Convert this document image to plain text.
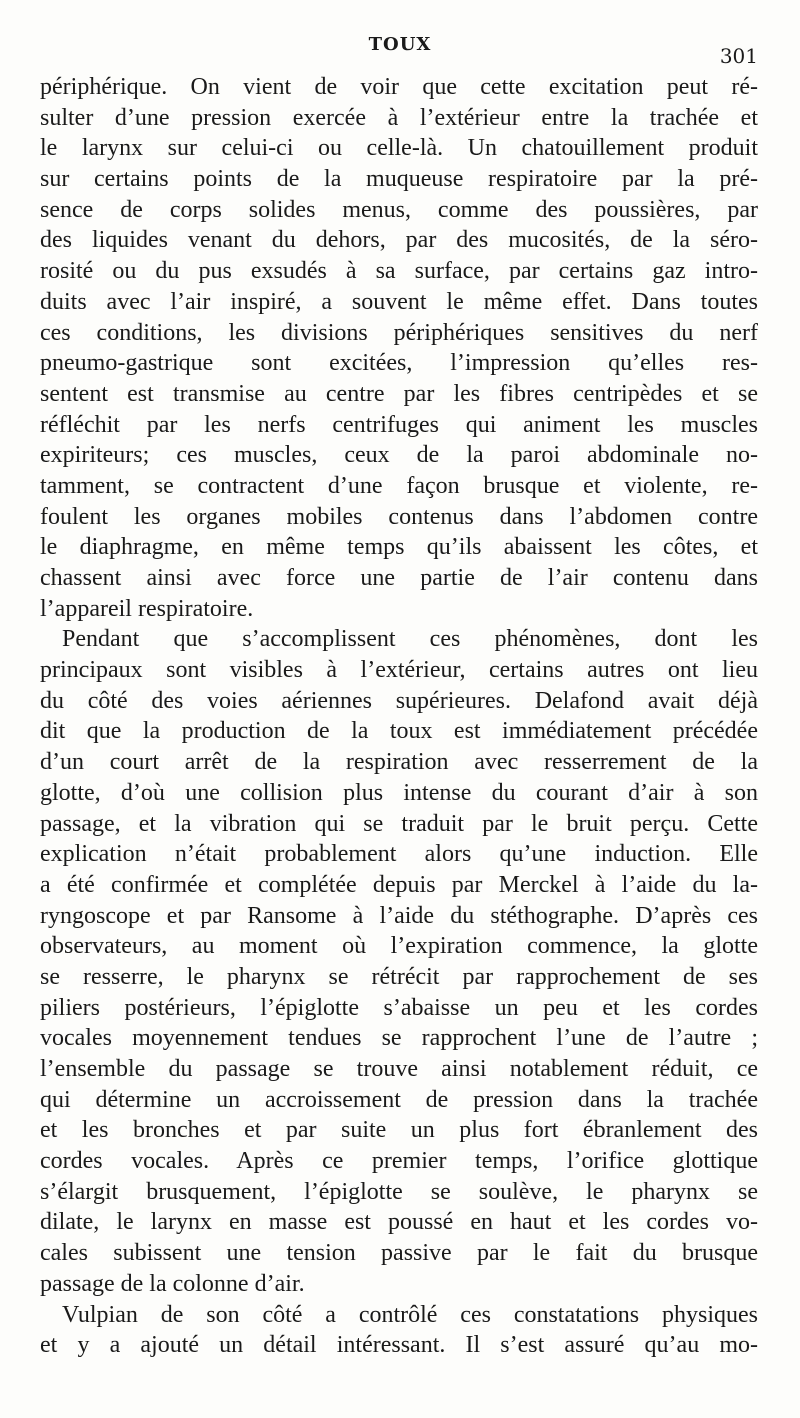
TOUX	301
périphérique. On vient de voir que cette excitation peut ré-
sulter d’une pression exercée à l’extérieur entre la trachée et
le larynx sur celui-ci ou celle-là. Un chatouillement produit
sur certains points de la muqueuse respiratoire par la pré-
sence de corps solides menus, comme des poussières, par
des liquides venant du dehors, par des mucosités, de la séro-
rosité ou du pus exsudés à sa surface, par certains gaz intro-
duits avec l’air inspiré, a souvent le même effet. Dans toutes
ces conditions, les divisions périphériques sensitives du nerf
pneumo-gastrique sont excitées, l’impression qu’elles res-
sentent est transmise au centre par les fibres centripèdes et se
réfléchit par les nerfs centrifuges qui animent les muscles
expiriteurs; ces muscles, ceux de la paroi abdominale no-
tamment, se contractent d’une façon brusque et violente, re-
foulent les organes mobiles contenus dans l’abdomen contre
le diaphragme, en même temps qu’ils abaissent les côtes, et
chassent ainsi avec force une partie de l’air contenu dans
l’appareil respiratoire.
Pendant que s’accomplissent ces phénomènes, dont les
principaux sont visibles à l’extérieur, certains autres ont lieu
du côté des voies aériennes supérieures. Delafond avait déjà
dit que la production de la toux est immédiatement précédée
d’un court arrêt de la respiration avec resserrement de la
glotte, d’où une collision plus intense du courant d’air à son
passage, et la vibration qui se traduit par le bruit perçu. Cette
explication n’était probablement alors qu’une induction. Elle
a été confirmée et complétée depuis par Merckel à l’aide du la-
ryngoscope et par Ransome à l’aide du stéthographe. D’après ces
observateurs, au moment où l’expiration commence, la glotte
se resserre, le pharynx se rétrécit par rapprochement de ses
piliers postérieurs, l’épiglotte s’abaisse un peu et les cordes
vocales moyennement tendues se rapprochent l’une de l’autre ;
l’ensemble du passage se trouve ainsi notablement réduit, ce
qui détermine un accroissement de pression dans la trachée
et les bronches et par suite un plus fort ébranlement des
cordes vocales. Après ce premier temps, l’orifice glottique
s’élargit brusquement, l’épiglotte se soulève, le pharynx se
dilate, le larynx en masse est poussé en haut et les cordes vo-
cales subissent une tension passive par le fait du brusque
passage de la colonne d’air.
Vulpian de son côté a contrôlé ces constatations physiques
et y a ajouté un détail intéressant. Il s’est assuré qu’au mo-
